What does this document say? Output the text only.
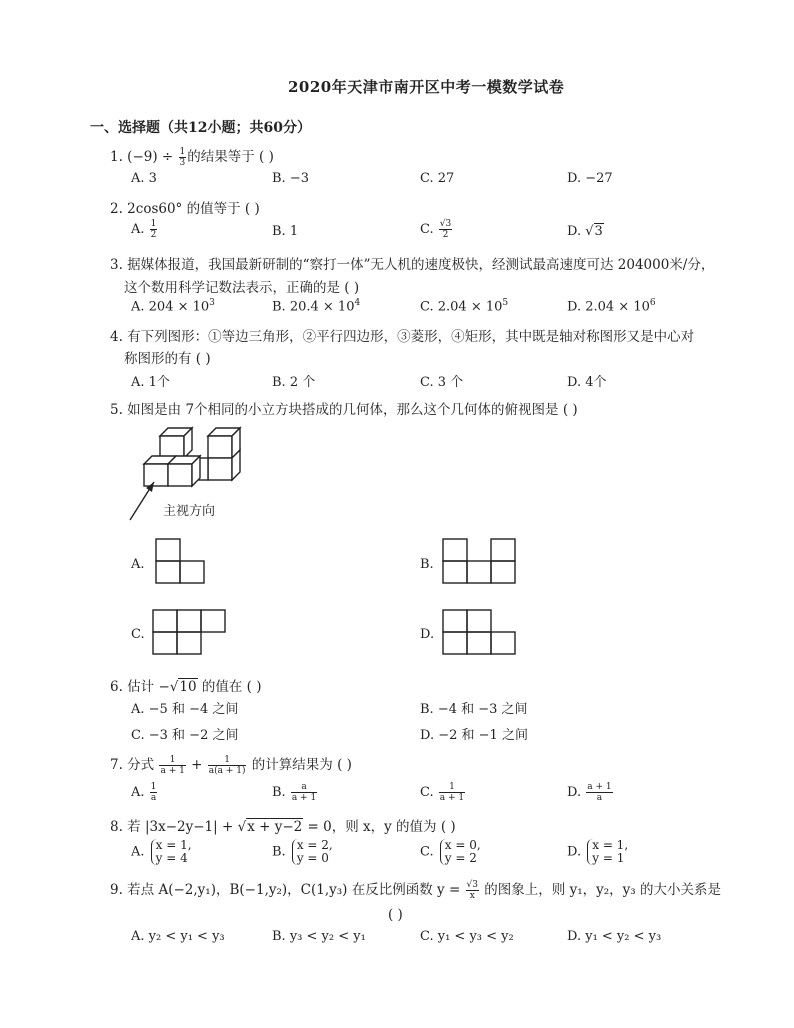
2020年天津市南开区中考一模数学试卷
一、选择题（共12小题；共60分）
1. $(-9) \div \frac{1}{3}$ 的结果等于 ( )
A. 3	B. −3	C. 27	D. −27
2. 2cos60° 的值等于 ( )
A. $\frac{1}{2}$	B. 1	C. $\frac{√3}{2}$	D. √3
3. 据媒体报道，我国最新研制的“察打一体”无人机的速度极快，经测试最高速度可达 204000米/分，
这个数用科学记数法表示，正确的是 ( )
A. $204 \times 10^3$	B. $20.4 \times 10^4$	C. $2.04 \times 10^5$	D. $2.04 \times 10^6$
4. 有下列图形：①等边三角形，②平行四边形，③菱形，④矩形，其中既是轴对称图形又是中心对
称图形的有 ( )
A. 1个	B. 2 个	C. 3 个	D. 4个
5. 如图是由 7个相同的小立方块搭成的几何体，那么这个几何体的俯视图是 ( )
主视方向
A.	B.
C.	D.
6. 估计 −√10 的值在 ( )
A. −5 和 −4 之间	B. −4 和 −3 之间
C. −3 和 −2 之间	D. −2 和 −1 之间
7. 分式 $\frac{1}{a + 1} + \frac{1}{a(a + 1)}$ 的计算结果为 ( )
A. $\frac{1}{a}$	B. $\frac{a}{a + 1}$	C. $\frac{1}{a + 1}$	D. $\frac{a + 1}{a}$
8. 若 |3x−2y−1| + √x + y−2 = 0，则 x，y 的值为 ( )
A. x = 1,
y = 4	B. x = 2,
y = 0	C. x = 0,
y = 2	D. x = 1,
y = 1
9. 若点 A(−2,y₁)，B(−1,y₂)，C(1,y₃) 在反比例函数 $y = \frac{√3}{x}$ 的图象上，则 y₁，y₂，y₃ 的大小关系是
( )
A. y₂ < y₁ < y₃	B. y₃ < y₂ < y₁	C. y₁ < y₃ < y₂	D. y₁ < y₂ < y₃
